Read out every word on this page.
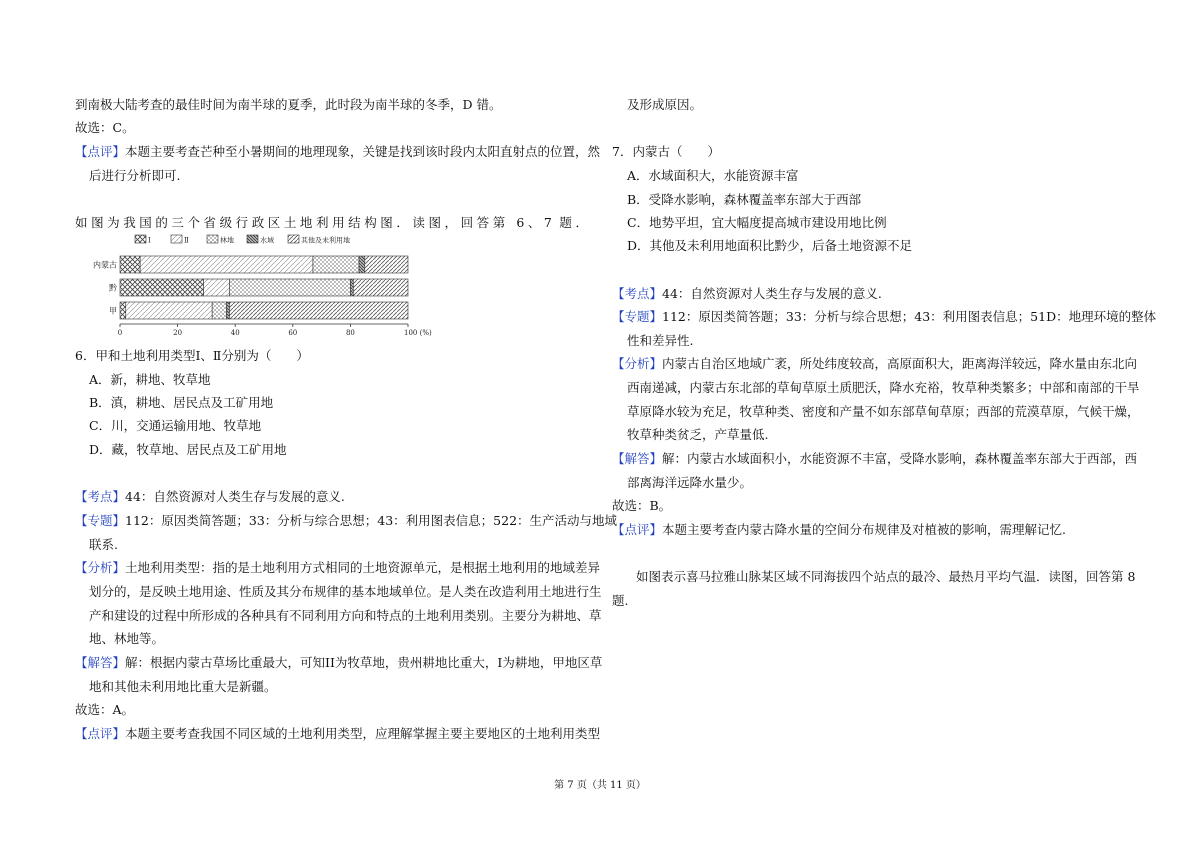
到南极大陆考查的最佳时间为南半球的夏季，此时段为南半球的冬季，D 错。
故选：C。
【点评】本题主要考查芒种至小暑期间的地理现象，关键是找到该时段内太阳直射点的位置，然
后进行分析即可.
如图为我国的三个省级行政区土地利用结构图．读图，回答第 6、7 题．
Ⅰ	Ⅱ	林地	水域	其他及未利用地
内蒙古
黔
甲
0	20	40	60	80	100 (%)
6．甲和土地利用类型Ⅰ、Ⅱ分别为（　　）
A．新，耕地、牧草地
B．滇，耕地、居民点及工矿用地
C．川，交通运输用地、牧草地
D．藏，牧草地、居民点及工矿用地
【考点】44：自然资源对人类生存与发展的意义.
【专题】112：原因类简答题；33：分析与综合思想；43：利用图表信息；522：生产活动与地域
联系.
【分析】土地利用类型：指的是土地利用方式相同的土地资源单元，是根据土地利用的地域差异
划分的，是反映土地用途、性质及其分布规律的基本地域单位。是人类在改造利用土地进行生
产和建设的过程中所形成的各种具有不同利用方向和特点的土地利用类别。主要分为耕地、草
地、林地等。
【解答】解：根据内蒙古草场比重最大，可知II为牧草地，贵州耕地比重大，I为耕地，甲地区草
地和其他未利用地比重大是新疆。
故选：A。
【点评】本题主要考查我国不同区域的土地利用类型，应理解掌握主要主要地区的土地利用类型
及形成原因。
7．内蒙古（　　）
A．水域面积大，水能资源丰富
B．受降水影响，森林覆盖率东部大于西部
C．地势平坦，宜大幅度提高城市建设用地比例
D．其他及未利用地面积比黔少，后备土地资源不足
【考点】44：自然资源对人类生存与发展的意义.
【专题】112：原因类简答题；33：分析与综合思想；43：利用图表信息；51D：地理环境的整体
性和差异性.
【分析】内蒙古自治区地域广袤，所处纬度较高，高原面积大，距离海洋较远，降水量由东北向
西南递减，内蒙古东北部的草甸草原土质肥沃，降水充裕，牧草种类繁多；中部和南部的干旱
草原降水较为充足，牧草种类、密度和产量不如东部草甸草原；西部的荒漠草原，气候干燥，
牧草种类贫乏，产草量低.
【解答】解：内蒙古水域面积小，水能资源不丰富，受降水影响，森林覆盖率东部大于西部，西
部离海洋远降水量少。
故选：B。
【点评】本题主要考查内蒙古降水量的空间分布规律及对植被的影响，需理解记忆.
如图表示喜马拉雅山脉某区域不同海拔四个站点的最冷、最热月平均气温．读图，回答第 8
题.
第 7 页（共 11 页）
